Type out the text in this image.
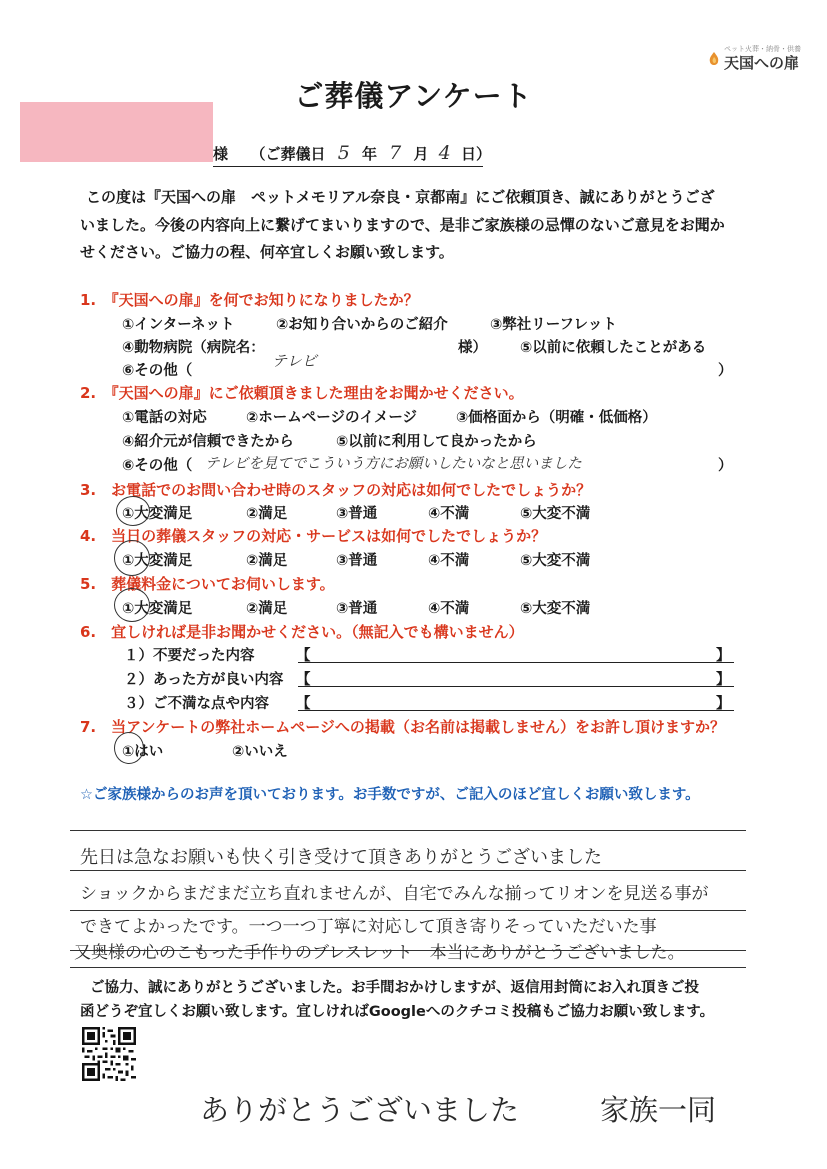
ペット火葬・納骨・供養
天国への扉
ご葬儀アンケート
様 （ご葬儀日 5 年 7 月 4 日）
この度は『天国への扉　ペットメモリアル奈良・京都南』にご依頼頂き、誠にありがとうござ
いました。今後の内容向上に繋げてまいりますので、是非ご家族様の忌憚のないご意見をお聞か
せください。ご協力の程、何卒宜しくお願い致します。
1.　『天国への扉』を何でお知りになりましたか？
①インターネット	②お知り合いからのご紹介	③弊社リーフレット
④動物病院（病院名：	様） ⑤以前に依頼したことがある
⑥その他（
テレビ
）
2.　『天国への扉』にご依頼頂きました理由をお聞かせください。
①電話の対応	②ホームページのイメージ	③価格面から（明確・低価格）
④紹介元が信頼できたから	⑤以前に利用して良かったから
⑥その他（ テレビを見てでこういう方にお願いしたいなと思いました	）
3.　お電話でのお問い合わせ時のスタッフの対応は如何でしたでしょうか？
①大変満足	②満足	③普通	④不満	⑤大変不満
4.　当日の葬儀スタッフの対応・サービスは如何でしたでしょうか？
①大変満足	②満足	③普通	④不満	⑤大変不満
5.　葬儀料金についてお伺いします。
①大変満足	②満足	③普通	④不満	⑤大変不満
6.　宜しければ是非お聞かせください。（無記入でも構いません）
１）不要だった内容	【	】
２）あった方が良い内容 【	】
３）ご不満な点や内容 【	】
7.　当アンケートの弊社ホームページへの掲載（お名前は掲載しません）をお許し頂けますか？
①はい	②いいえ
☆ご家族様からのお声を頂いております。お手数ですが、ご記入のほど宜しくお願い致します。
先日は急なお願いも快く引き受けて頂きありがとうございました
ショックからまだまだ立ち直れませんが、自宅でみんな揃ってリオンを見送る事が
できてよかったです。一つ一つ丁寧に対応して頂き寄りそっていただいた事
又奥様の心のこもった手作りのブレスレット　本当にありがとうございました。
ご協力、誠にありがとうございました。お手間おかけしますが、返信用封筒にお入れ頂きご投
函どうぞ宜しくお願い致します。宜しければGoogleへのクチコミ投稿もご協力お願い致します。
ありがとうございました	家族一同
